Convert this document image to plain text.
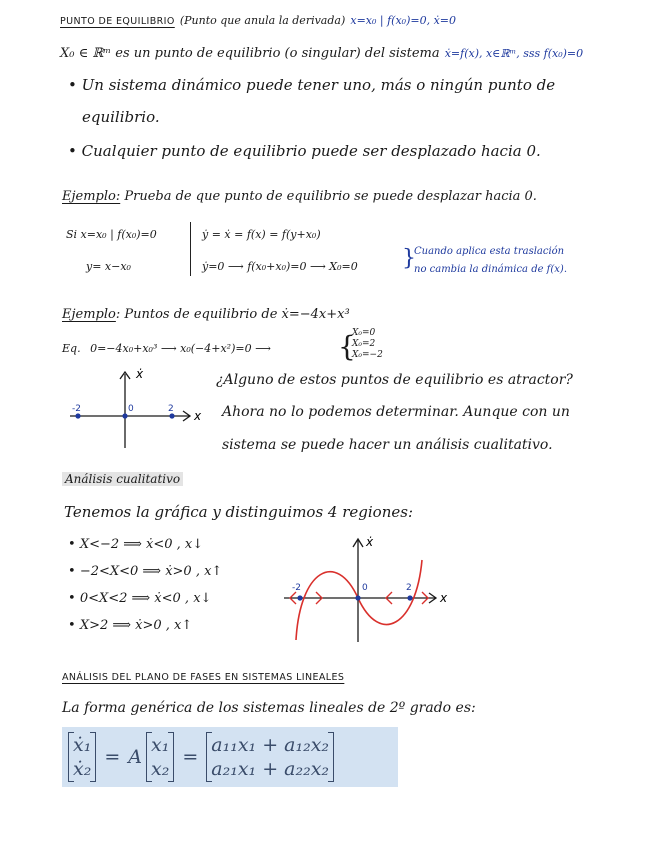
PUNTO DE EQUILIBRIO (Punto que anula la derivada) x=x₀ | f(x₀)=0, ẋ=0
X₀ ∈ ℝᵐ es un punto de equilibrio (o singular) del sistema ẋ=f(x), x∈ℝᵐ, sss f(x₀)=0
• Un sistema dinámico puede tener uno, más o ningún punto de
equilibrio.
• Cualquier punto de equilibrio puede ser desplazado hacia 0.
Ejemplo: Prueba de que punto de equilibrio se puede desplazar hacia 0.
Si x=x₀ | f(x₀)=0
y= x−x₀
ẏ = ẋ = f(x) = f(y+x₀)
ẏ=0 ⟶ f(x₀+x₀)=0 ⟶ X₀=0 }
Cuando aplica esta traslación
no cambia la dinámica de f(x).
Ejemplo: Puntos de equilibrio de ẋ=−4x+x³
Eq. 0=−4x₀+x₀³ ⟶ x₀(−4+x²)=0 ⟶ {
X₀=0
X₀=2
X₀=−2
-2	0	2
ẋ
x
¿Alguno de estos puntos de equilibrio es atractor?
Ahora no lo podemos determinar. Aunque con un
sistema se puede hacer un análisis cualitativo.
Análisis cualitativo
Tenemos la gráfica y distinguimos 4 regiones:
• X<−2 ⟹ ẋ<0 , x↓
• −2<X<0 ⟹ ẋ>0 , x↑
• 0<X<2 ⟹ ẋ<0 , x↓
• X>2 ⟹ ẋ>0 , x↑
-2	0	2
ẋ
x
ANÁLISIS DEL PLANO DE FASES EN SISTEMAS LINEALES
La forma genérica de los sistemas lineales de 2º grado es:
ẋ₁
ẋ₂
= A
x₁
x₂
=
a₁₁x₁ + a₁₂x₂
a₂₁x₁ + a₂₂x₂
